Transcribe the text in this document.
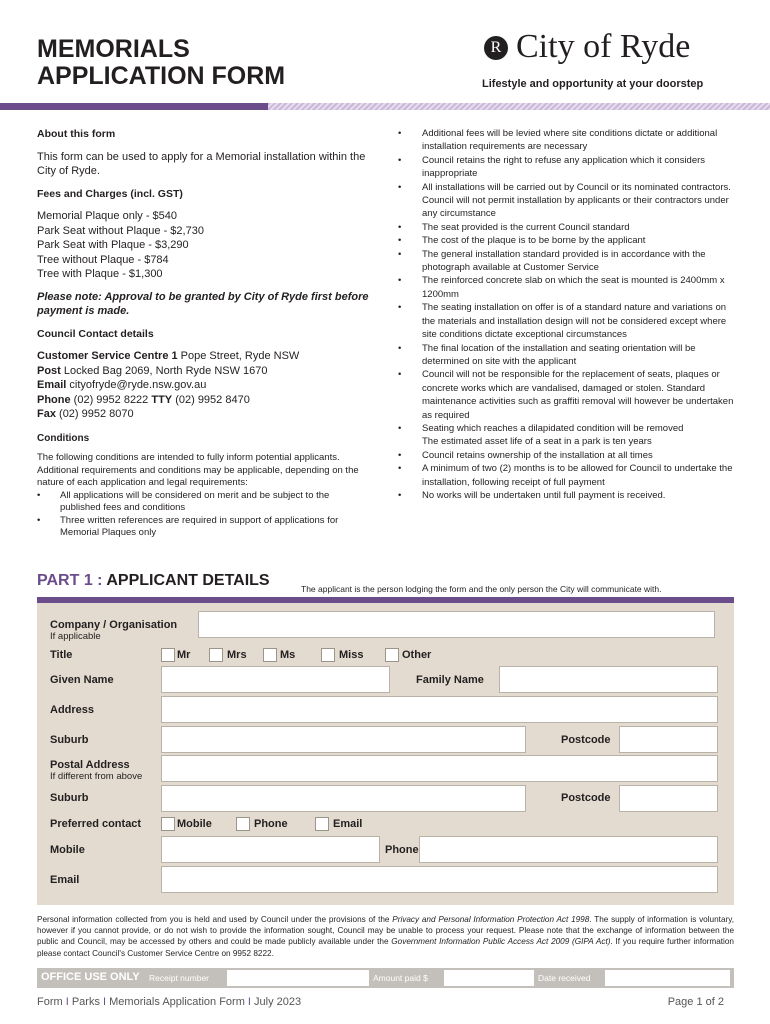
MEMORIALS
APPLICATION FORM
R City of Ryde
Lifestyle and opportunity at your doorstep
About this form
This form can be used to apply for a Memorial installation within the City of Ryde.
Fees and Charges (incl. GST)
Memorial Plaque only - $540
Park Seat without Plaque - $2,730
Park Seat with Plaque - $3,290
Tree without Plaque - $784
Tree with Plaque - $1,300
Please note: Approval to be granted by City of Ryde first before payment is made.
Council Contact details
Customer Service Centre 1 Pope Street, Ryde NSW
Post Locked Bag 2069, North Ryde NSW 1670
Email cityofryde@ryde.nsw.gov.au
Phone (02) 9952 8222 TTY (02) 9952 8470
Fax (02) 9952 8070
Conditions
The following conditions are intended to fully inform potential applicants. Additional requirements and conditions may be applicable, depending on the nature of each application and legal requirements:
• All applications will be considered on merit and be subject to the published fees and conditions
• Three written references are required in support of applications for Memorial Plaques only
• Additional fees will be levied where site conditions dictate or additional installation requirements are necessary
• Council retains the right to refuse any application which it considers inappropriate
• All installations will be carried out by Council or its nominated contractors. Council will not permit installation by applicants or their contractors under any circumstance
• The seat provided is the current Council standard
• The cost of the plaque is to be borne by the applicant
• The general installation standard provided is in accordance with the photograph available at Customer Service
• The reinforced concrete slab on which the seat is mounted is 2400mm x 1200mm
• The seating installation on offer is of a standard nature and variations on the materials and installation design will not be considered except where site conditions dictate exceptional circumstances
• The final location of the installation and seating orientation will be determined on site with the applicant
• Council will not be responsible for the replacement of seats, plaques or concrete works which are vandalised, damaged or stolen. Standard maintenance activities such as graffiti removal will however be undertaken as required
• Seating which reaches a dilapidated condition will be removed
The estimated asset life of a seat in a park is ten years
• Council retains ownership of the installation at all times
• A minimum of two (2) months is to be allowed for Council to undertake the installation, following receipt of full payment
• No works will be undertaken until full payment is received.
PART 1 : APPLICANT DETAILS	The applicant is the person lodging the form and the only person the City will communicate with.
Company / Organisation
If applicable
Title	Mr	Mrs	Ms	Miss	Other
Given Name	Family Name
Address
Suburb	Postcode
Postal Address
If different from above
Suburb	Postcode
Preferred contact	Mobile	Phone	Email
Mobile	Phone
Email
Personal information collected from you is held and used by Council under the provisions of the Privacy and Personal Information Protection Act 1998. The supply of information is voluntary, however if you cannot provide, or do not wish to provide the information sought, Council may be unable to process your request. Please note that the exchange of information between the public and Council, may be accessed by others and could be made publicly available under the Government Information Public Access Act 2009 (GIPA Act). If you require further information please contact Council's Customer Service Centre on 9952 8222.
OFFICE USE ONLY Receipt number	Amount paid $	Date received
Form I Parks I Memorials Application Form I July 2023	Page 1 of 2
